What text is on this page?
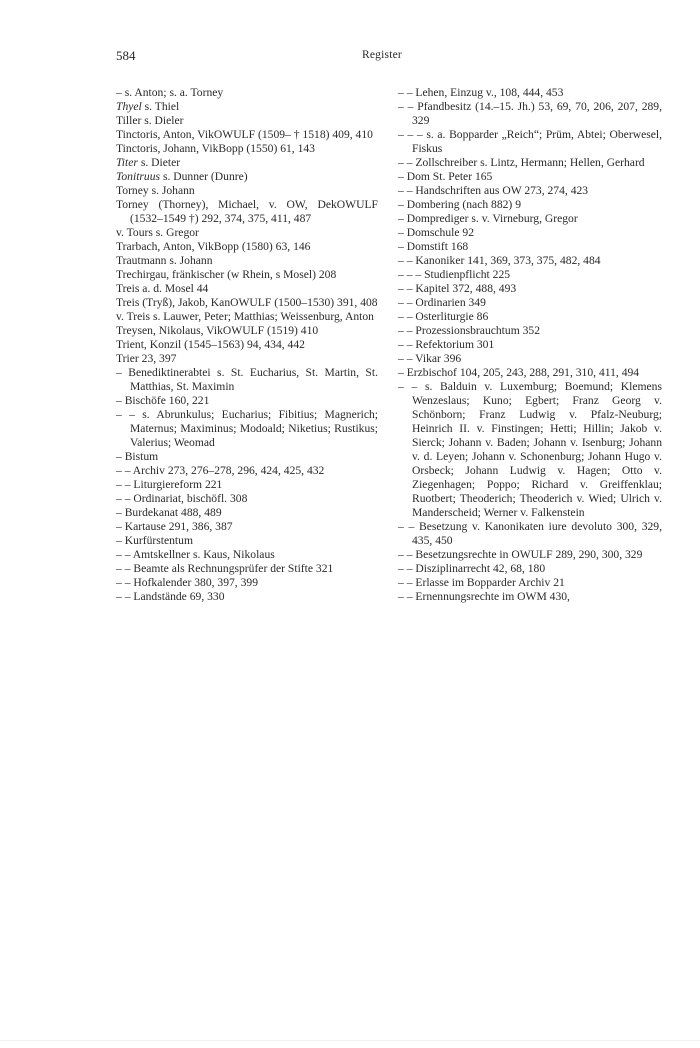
584	Register

– s. Anton; s. a. Torney

Thyel s. Thiel

Tiller s. Dieler

Tinctoris, Anton, VikOWULF (1509– † 1518) 409, 410

Tinctoris, Johann, VikBopp (1550) 61, 143

Titer s. Dieter

Tonitruus s. Dunner (Dunre)

Torney s. Johann

Torney (Thorney), Michael, v. OW, DekOWULF (1532–1549 †) 292, 374, 375, 411, 487

v. Tours s. Gregor

Trarbach, Anton, VikBopp (1580) 63, 146

Trautmann s. Johann

Trechirgau, fränkischer (w Rhein, s Mosel) 208

Treis a. d. Mosel 44

Treis (Tryß), Jakob, KanOWULF (1500–1530) 391, 408

v. Treis s. Lauwer, Peter; Matthias; Weissenburg, Anton

Treysen, Nikolaus, VikOWULF (1519) 410

Trient, Konzil (1545–1563) 94, 434, 442

Trier 23, 397

– Benediktinerabtei s. St. Eucharius, St. Martin, St. Matthias, St. Maximin

– Bischöfe 160, 221

– – s. Abrunkulus; Eucharius; Fibitius; Magnerich; Maternus; Maximinus; Modoald; Niketius; Rustikus; Valerius; Weomad

– Bistum

– – Archiv 273, 276–278, 296, 424, 425, 432

– – Liturgiereform 221

– – Ordinariat, bischöfl. 308

– Burdekanat 488, 489

– Kartause 291, 386, 387

– Kurfürstentum

– – Amtskellner s. Kaus, Nikolaus

– – Beamte als Rechnungsprüfer der Stifte 321

– – Hofkalender 380, 397, 399

– – Landstände 69, 330

– – Lehen, Einzug v., 108, 444, 453

– – Pfandbesitz (14.–15. Jh.) 53, 69, 70, 206, 207, 289, 329

– – – s. a. Bopparder „Reich“; Prüm, Abtei; Oberwesel, Fiskus

– – Zollschreiber s. Lintz, Hermann; Hellen, Gerhard

– Dom St. Peter 165

– – Handschriften aus OW 273, 274, 423

– Dombering (nach 882) 9

– Domprediger s. v. Virneburg, Gregor

– Domschule 92

– Domstift 168

– – Kanoniker 141, 369, 373, 375, 482, 484

– – – Studienpflicht 225

– – Kapitel 372, 488, 493

– – Ordinarien 349

– – Osterliturgie 86

– – Prozessionsbrauchtum 352

– – Refektorium 301

– – Vikar 396

– Erzbischof 104, 205, 243, 288, 291, 310, 411, 494

– – s. Balduin v. Luxemburg; Boemund; Klemens Wenzeslaus; Kuno; Egbert; Franz Georg v. Schönborn; Franz Ludwig v. Pfalz-Neuburg; Heinrich II. v. Finstingen; Hetti; Hillin; Jakob v. Sierck; Johann v. Baden; Johann v. Isenburg; Johann v. d. Leyen; Johann v. Schonenburg; Johann Hugo v. Orsbeck; Johann Ludwig v. Hagen; Otto v. Ziegenhagen; Poppo; Richard v. Greiffenklau; Ruotbert; Theoderich; Theoderich v. Wied; Ulrich v. Manderscheid; Werner v. Falkenstein

– – Besetzung v. Kanonikaten iure devoluto 300, 329, 435, 450

– – Besetzungsrechte in OWULF 289, 290, 300, 329

– – Disziplinarrecht 42, 68, 180

– – Erlasse im Bopparder Archiv 21

– – Ernennungsrechte im OWM 430,
